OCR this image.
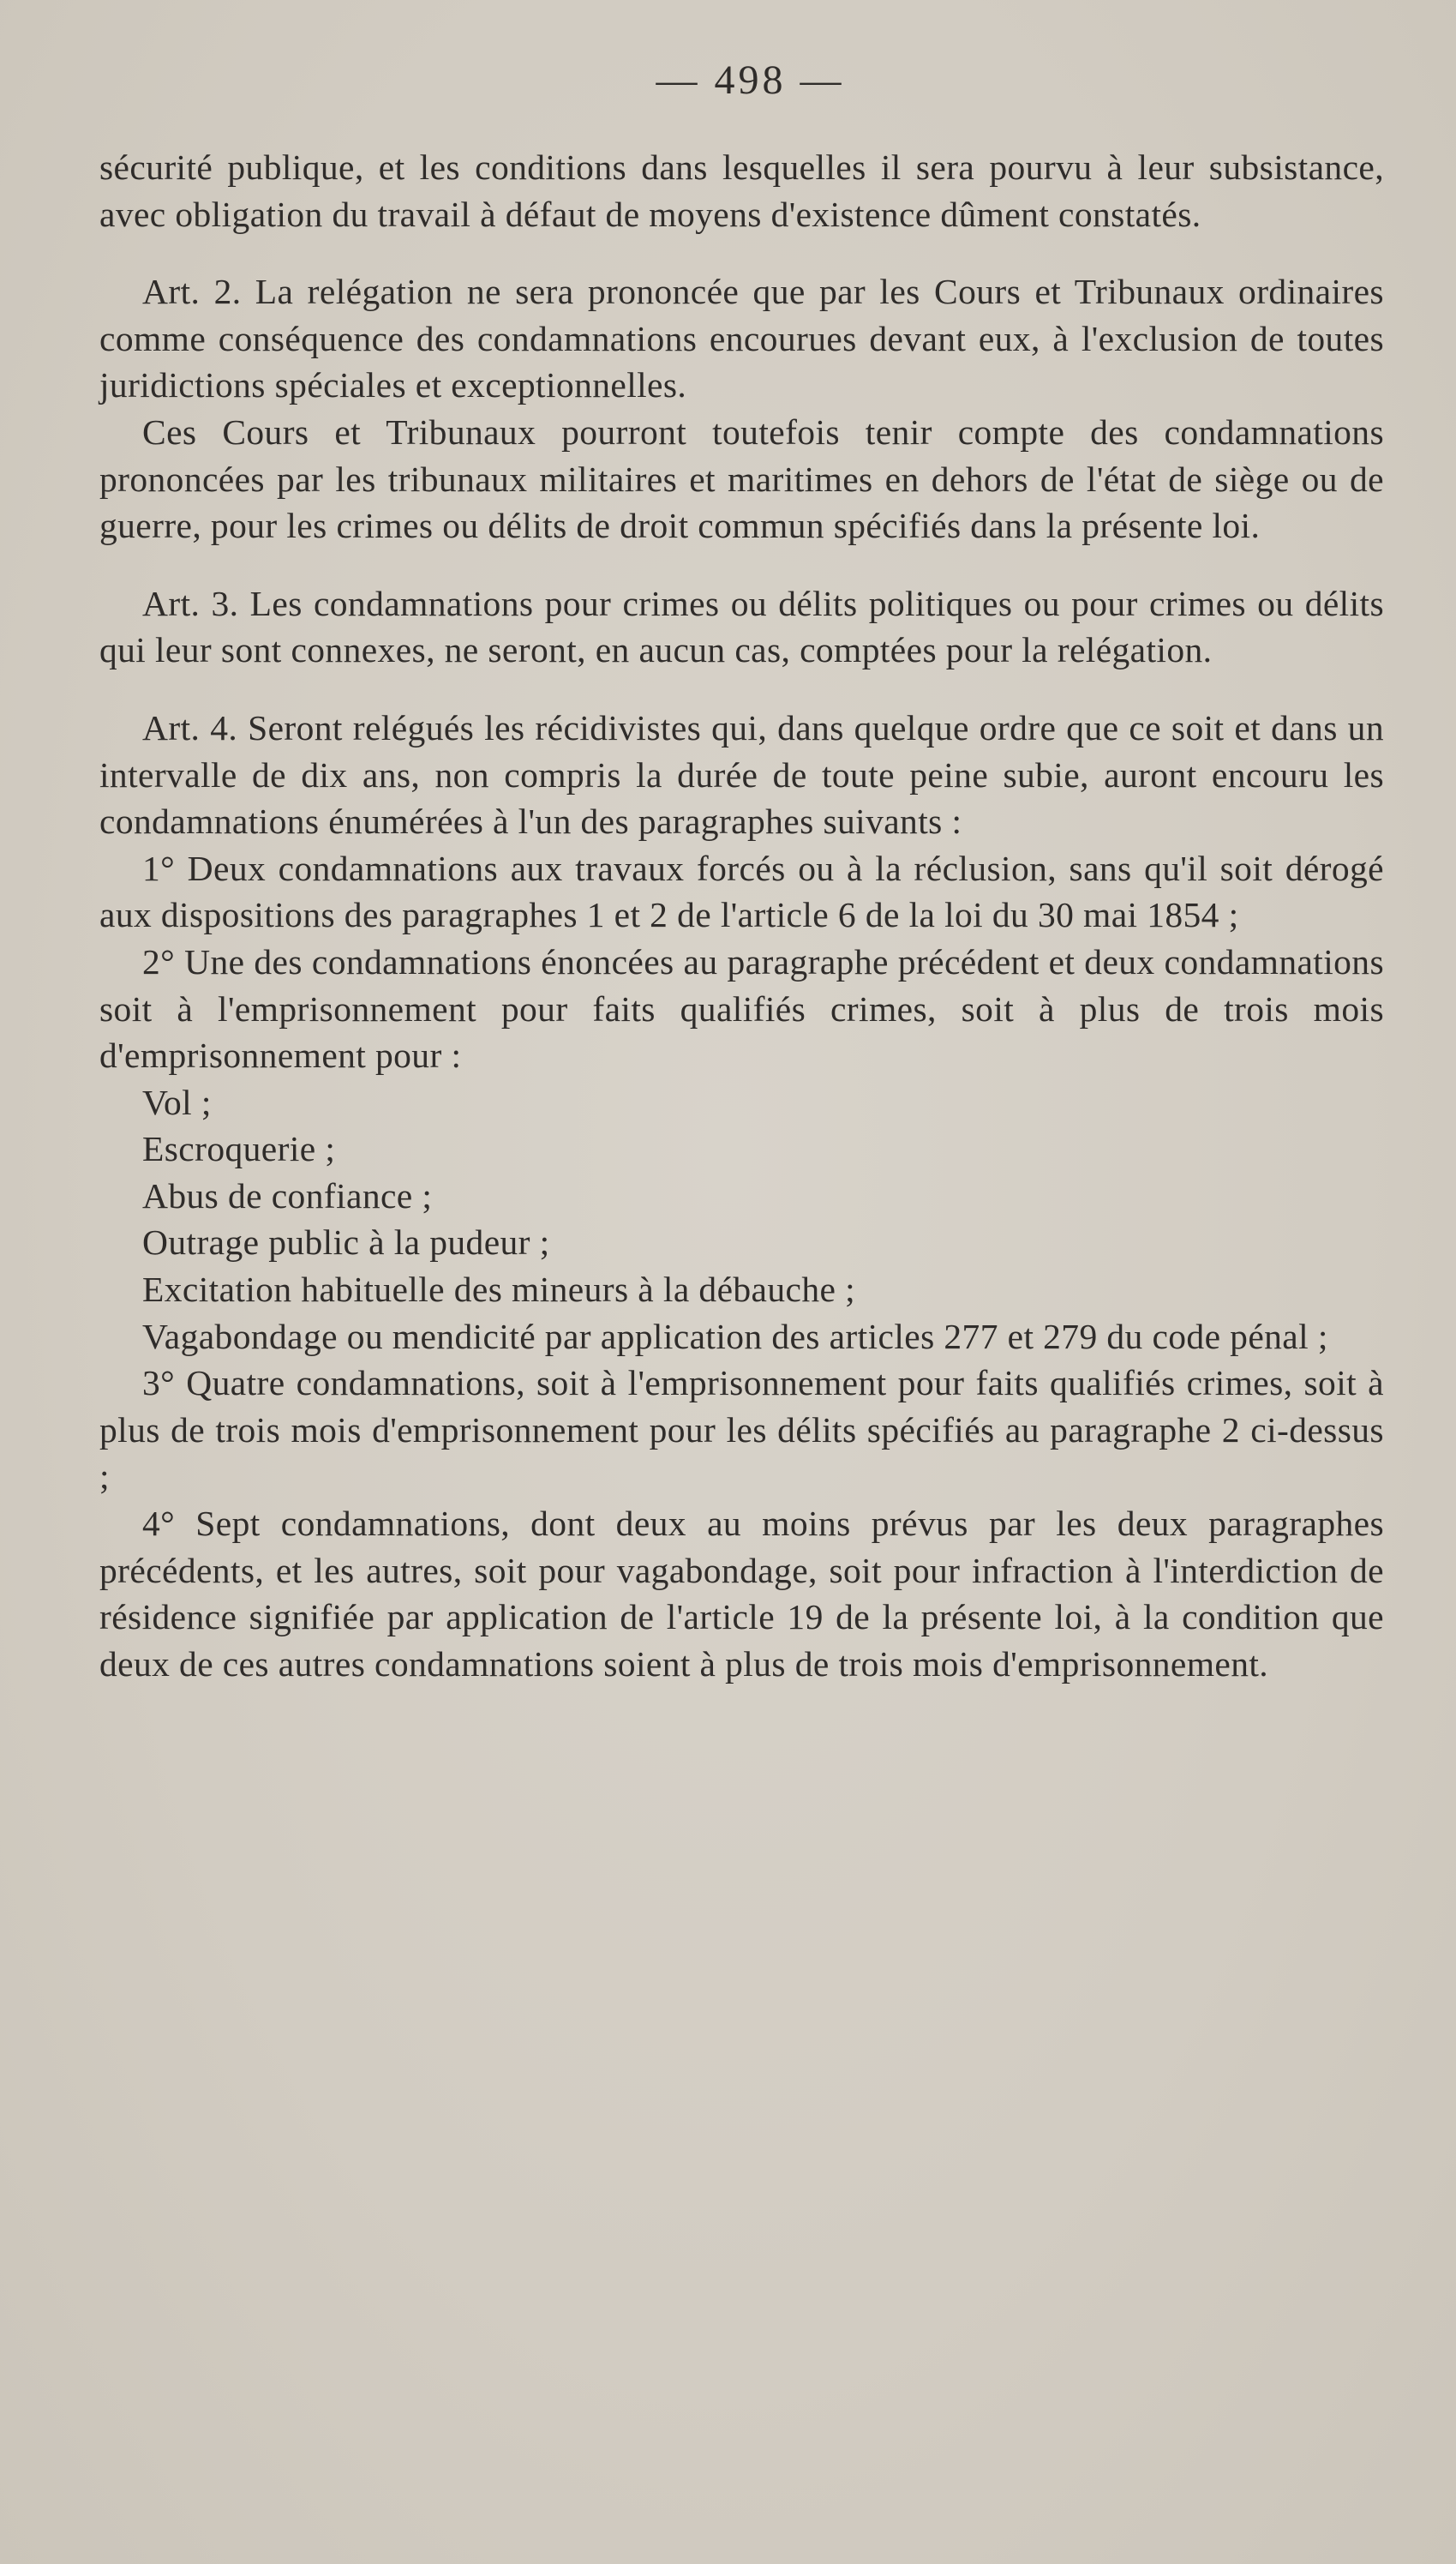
— 498 —

sécurité publique, et les conditions dans lesquelles il sera pourvu à leur subsistance, avec obligation du travail à défaut de moyens d'existence dûment constatés.

Art. 2. La relégation ne sera prononcée que par les Cours et Tribunaux ordinaires comme conséquence des condamnations encourues devant eux, à l'exclusion de toutes juridictions spéciales et exceptionnelles.

Ces Cours et Tribunaux pourront toutefois tenir compte des condamnations prononcées par les tribunaux militaires et maritimes en dehors de l'état de siège ou de guerre, pour les crimes ou délits de droit commun spécifiés dans la présente loi.

Art. 3. Les condamnations pour crimes ou délits politiques ou pour crimes ou délits qui leur sont connexes, ne seront, en aucun cas, comptées pour la relégation.

Art. 4. Seront relégués les récidivistes qui, dans quelque ordre que ce soit et dans un intervalle de dix ans, non compris la durée de toute peine subie, auront encouru les condamnations énumérées à l'un des paragraphes suivants :

1° Deux condamnations aux travaux forcés ou à la réclusion, sans qu'il soit dérogé aux dispositions des paragraphes 1 et 2 de l'article 6 de la loi du 30 mai 1854 ;

2° Une des condamnations énoncées au paragraphe précédent et deux condamnations soit à l'emprisonnement pour faits qualifiés crimes, soit à plus de trois mois d'emprisonnement pour :

Vol ;

Escroquerie ;

Abus de confiance ;

Outrage public à la pudeur ;

Excitation habituelle des mineurs à la débauche ;

Vagabondage ou mendicité par application des articles 277 et 279 du code pénal ;

3° Quatre condamnations, soit à l'emprisonnement pour faits qualifiés crimes, soit à plus de trois mois d'emprisonnement pour les délits spécifiés au paragraphe 2 ci-dessus ;

4° Sept condamnations, dont deux au moins prévus par les deux paragraphes précédents, et les autres, soit pour vagabondage, soit pour infraction à l'interdiction de résidence signifiée par application de l'article 19 de la présente loi, à la condition que deux de ces autres condamnations soient à plus de trois mois d'emprisonnement.
